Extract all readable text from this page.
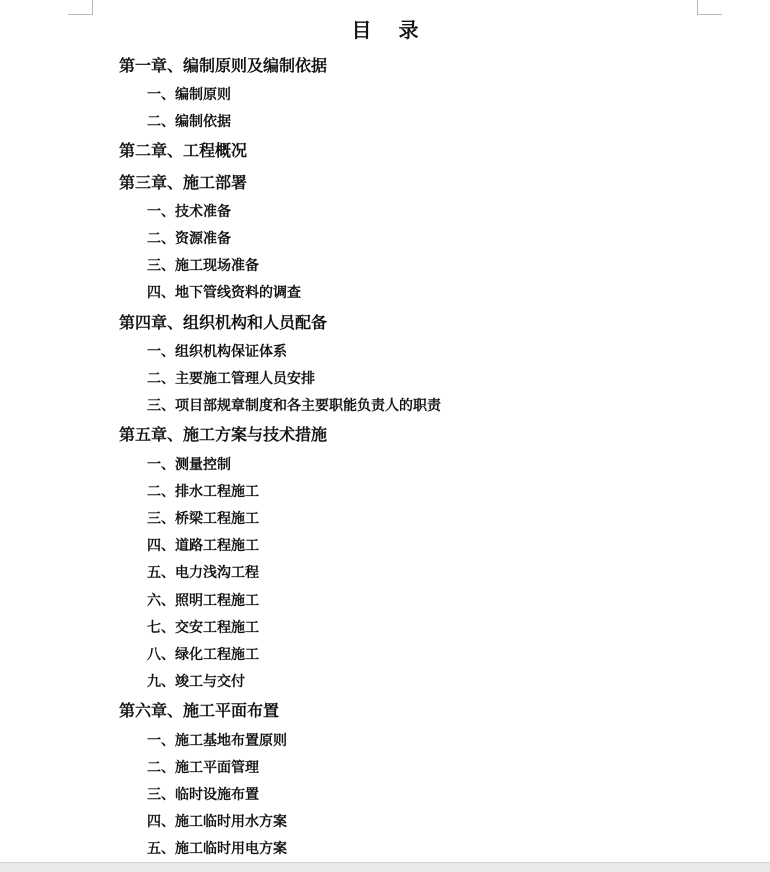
目 录
第一章、编制原则及编制依据
一、编制原则
二、编制依据
第二章、工程概况
第三章、施工部署
一、技术准备
二、资源准备
三、施工现场准备
四、地下管线资料的调查
第四章、组织机构和人员配备
一、组织机构保证体系
二、主要施工管理人员安排
三、项目部规章制度和各主要职能负责人的职责
第五章、施工方案与技术措施
一、测量控制
二、排水工程施工
三、桥梁工程施工
四、道路工程施工
五、电力浅沟工程
六、照明工程施工
七、交安工程施工
八、绿化工程施工
九、竣工与交付
第六章、施工平面布置
一、施工基地布置原则
二、施工平面管理
三、临时设施布置
四、施工临时用水方案
五、施工临时用电方案
